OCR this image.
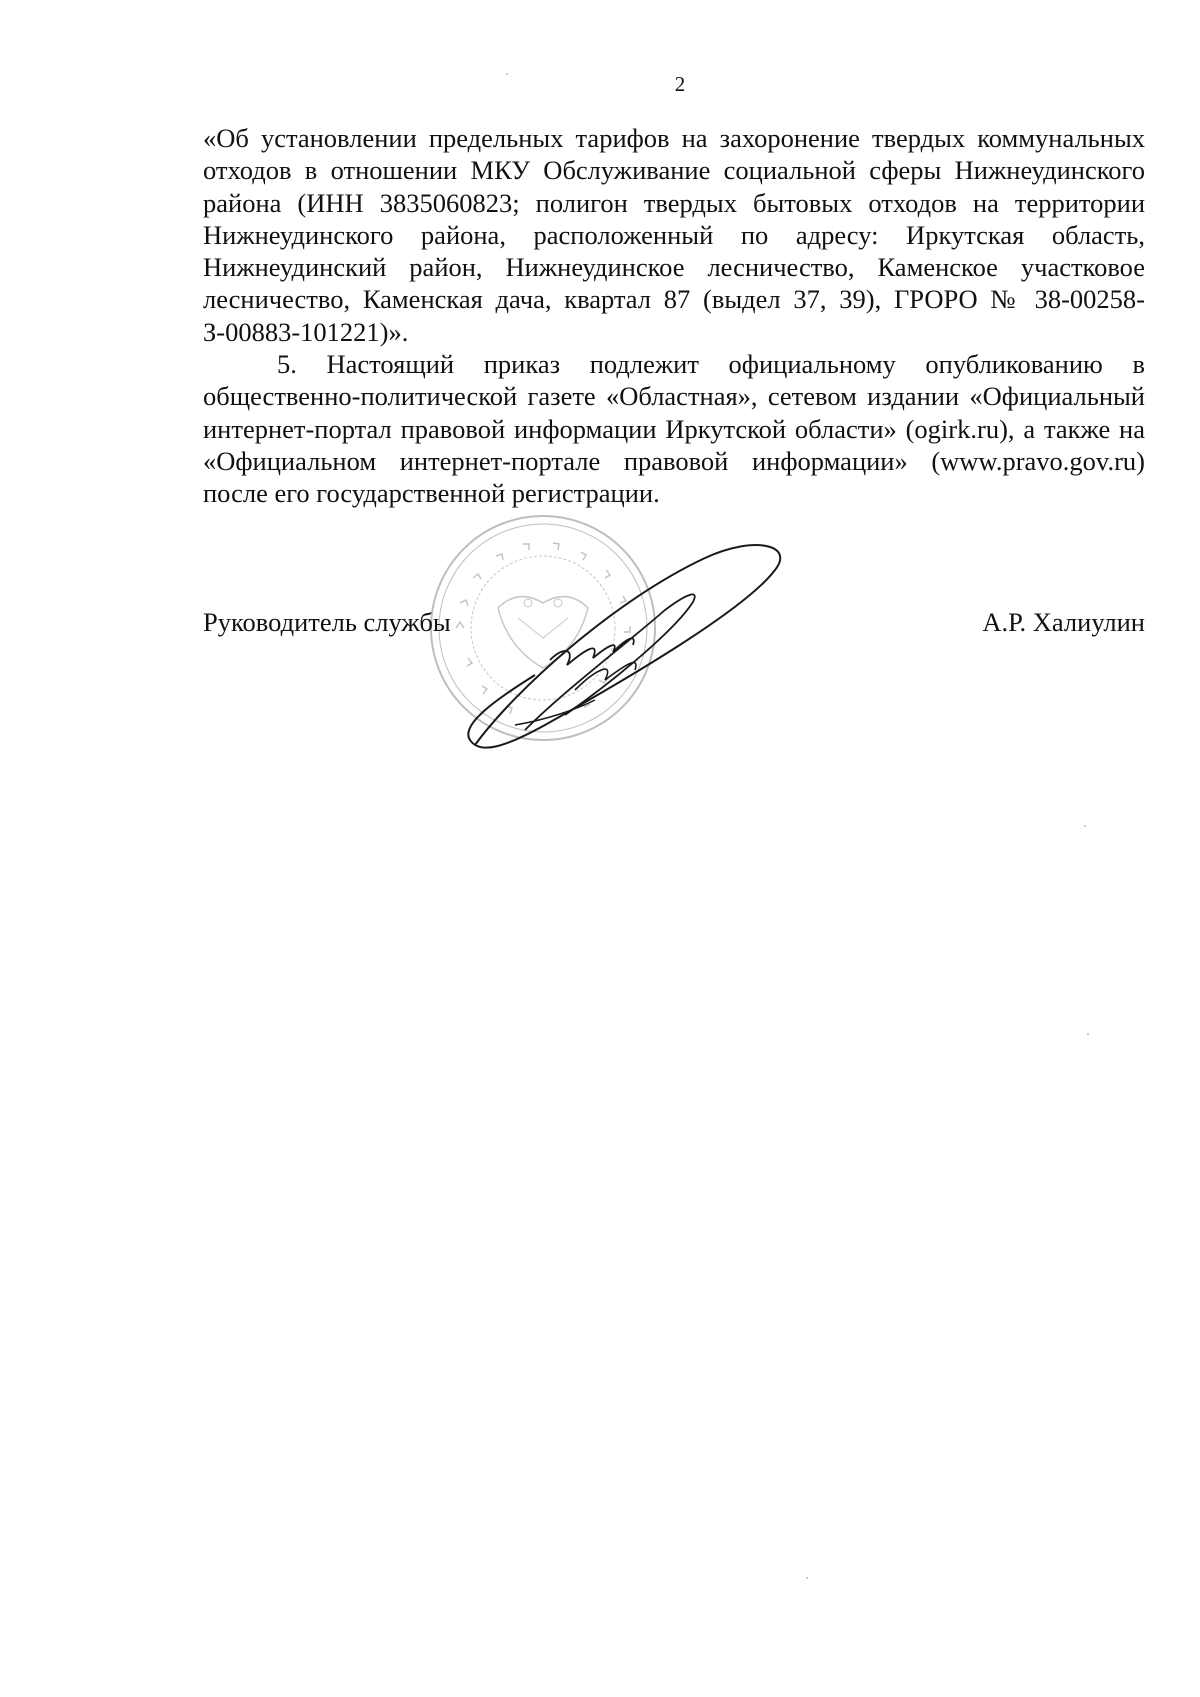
2

«Об установлении предельных тарифов на захоронение твердых коммунальных отходов в отношении МКУ Обслуживание социальной сферы Нижнеудинского района (ИНН 3835060823; полигон твердых бытовых отходов на территории Нижнеудинского района, расположенный по адресу: Иркутская область, Нижнеудинский район, Нижнеудинское лесничество, Каменское участковое лесничество, Каменская дача, квартал 87 (выдел 37, 39), ГРОРО № 38-00258-З-00883-101221)».

5. Настоящий приказ подлежит официальному опубликованию в общественно-политической газете «Областная», сетевом издании «Официальный интернет-портал правовой информации Иркутской области» (ogirk.ru), а также на «Официальном интернет-портале правовой информации» (www.pravo.gov.ru) после его государственной регистрации.

Руководитель службы	А.Р. Халиулин
